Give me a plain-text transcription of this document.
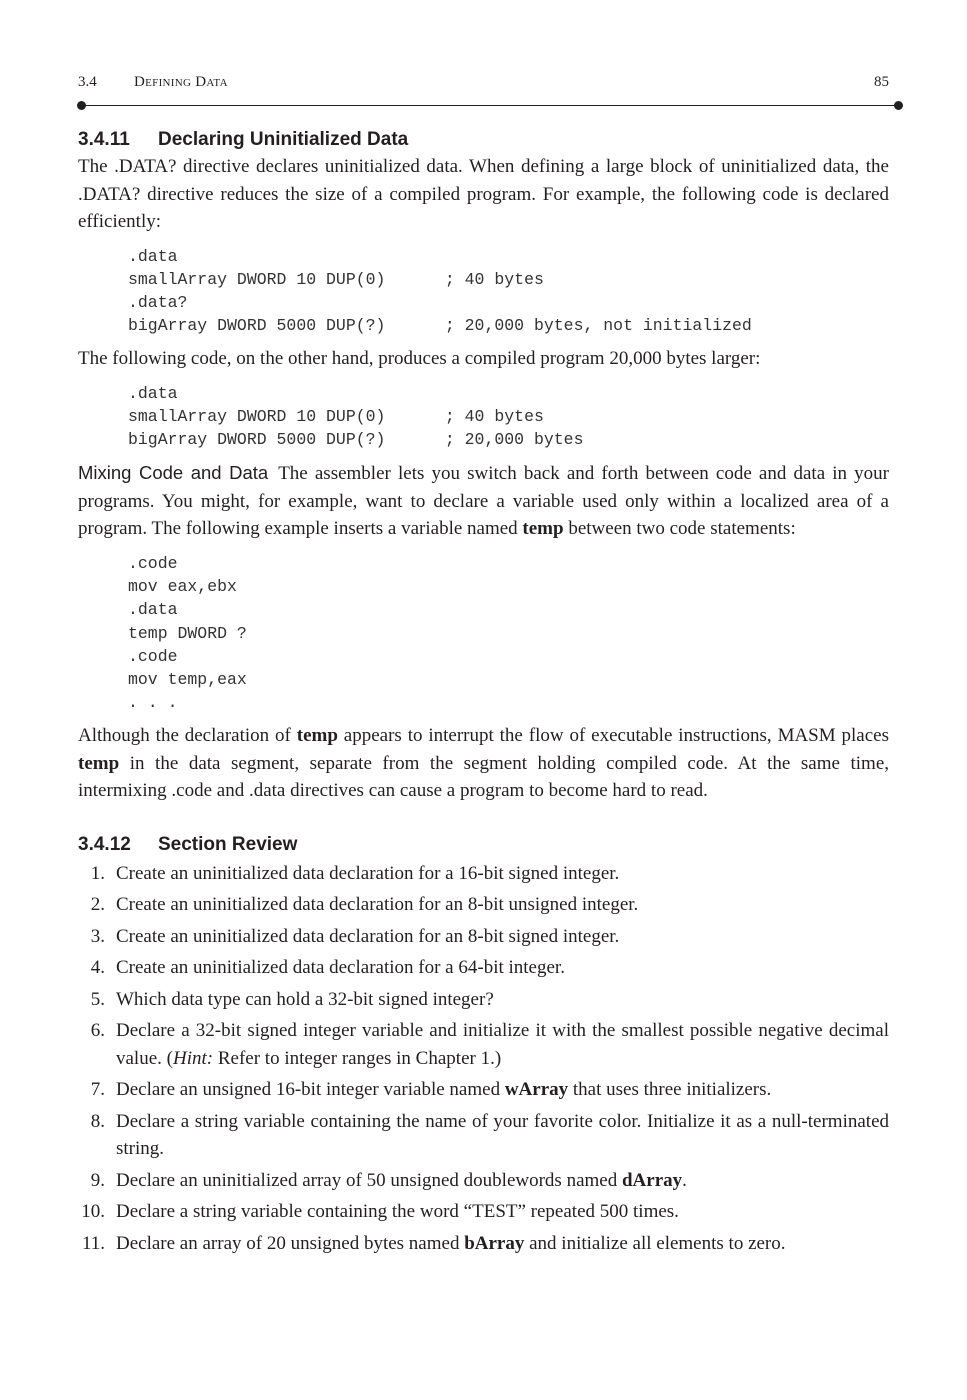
3.4 Defining Data	85
3.4.11 Declaring Uninitialized Data

The .DATA? directive declares uninitialized data. When defining a large block of uninitialized data, the .DATA? directive reduces the size of a compiled program. For example, the following code is declared efficiently:

.data
smallArray DWORD 10 DUP(0)      ; 40 bytes
.data?
bigArray DWORD 5000 DUP(?)      ; 20,000 bytes, not initialized

The following code, on the other hand, produces a compiled program 20,000 bytes larger:

.data
smallArray DWORD 10 DUP(0)      ; 40 bytes
bigArray DWORD 5000 DUP(?)      ; 20,000 bytes

Mixing Code and Data The assembler lets you switch back and forth between code and data in your programs. You might, for example, want to declare a variable used only within a localized area of a program. The following example inserts a variable named temp between two code statements:

.code
mov eax,ebx
.data
temp DWORD ?
.code
mov temp,eax
. . .

Although the declaration of temp appears to interrupt the flow of executable instructions, MASM places temp in the data segment, separate from the segment holding compiled code. At the same time, intermixing .code and .data directives can cause a program to become hard to read.

3.4.12 Section Review
1. Create an uninitialized data declaration for a 16-bit signed integer.
2. Create an uninitialized data declaration for an 8-bit unsigned integer.
3. Create an uninitialized data declaration for an 8-bit signed integer.
4. Create an uninitialized data declaration for a 64-bit integer.
5. Which data type can hold a 32-bit signed integer?
6. Declare a 32-bit signed integer variable and initialize it with the smallest possible negative decimal value. (Hint: Refer to integer ranges in Chapter 1.)
7. Declare an unsigned 16-bit integer variable named wArray that uses three initializers.
8. Declare a string variable containing the name of your favorite color. Initialize it as a null-terminated string.
9. Declare an uninitialized array of 50 unsigned doublewords named dArray.
10. Declare a string variable containing the word “TEST” repeated 500 times.
11. Declare an array of 20 unsigned bytes named bArray and initialize all elements to zero.
